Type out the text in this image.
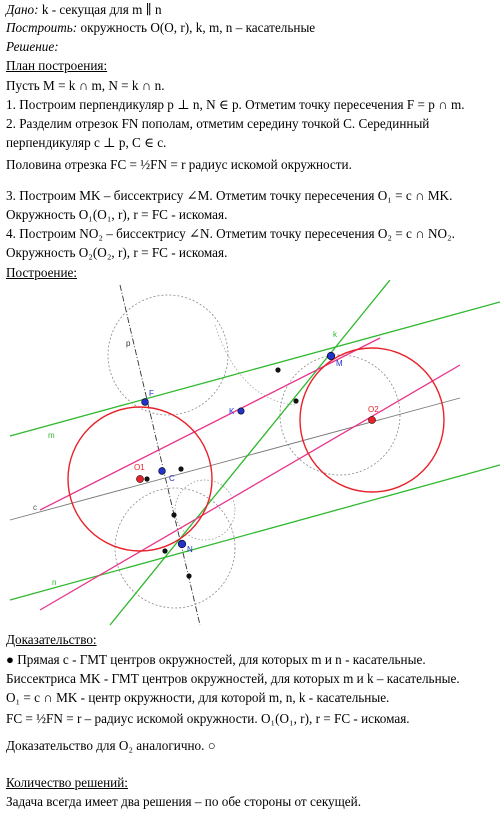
Дано: k - секущая для m ∥ n
Построить: окружность O(O, r), k, m, n – касательные
Решение:
План построения:
Пусть M = k ∩ m, N = k ∩ n.
1. Построим перпендикуляр p ⊥ n, N ∈ p. Отметим точку пересечения F = p ∩ m.
2. Разделим отрезок FN пополам, отметим середину точкой C. Серединный
перпендикуляр c ⊥ p, C ∈ c.
Половина отрезка FC = ½FN = r радиус искомой окружности.
3. Построим MK – биссектрису ∠M. Отметим точку пересечения O₁ = c ∩ MK.
Окружность O₁(O₁, r), r = FC - искомая.
4. Построим NO₂ – биссектрису ∠N. Отметим точку пересечения O₂ = c ∩ NO₂.
Окружность O₂(O₂, r), r = FC - искомая.
Построение:
k
p
m
n
c
F
M
K
O1
O2
C
N
Доказательство:
● Прямая c - ГМТ центров окружностей, для которых m и n - касательные.
Биссектриса MK - ГМТ центров окружностей, для которых m и k – касательные.
O₁ = c ∩ MK - центр окружности, для которой m, n, k - касательные.
FC = ½FN = r – радиус искомой окружности. O₁(O₁, r), r = FC - искомая.
Доказательство для O₂ аналогично. ○
Количество решений:
Задача всегда имеет два решения – по обе стороны от секущей.
